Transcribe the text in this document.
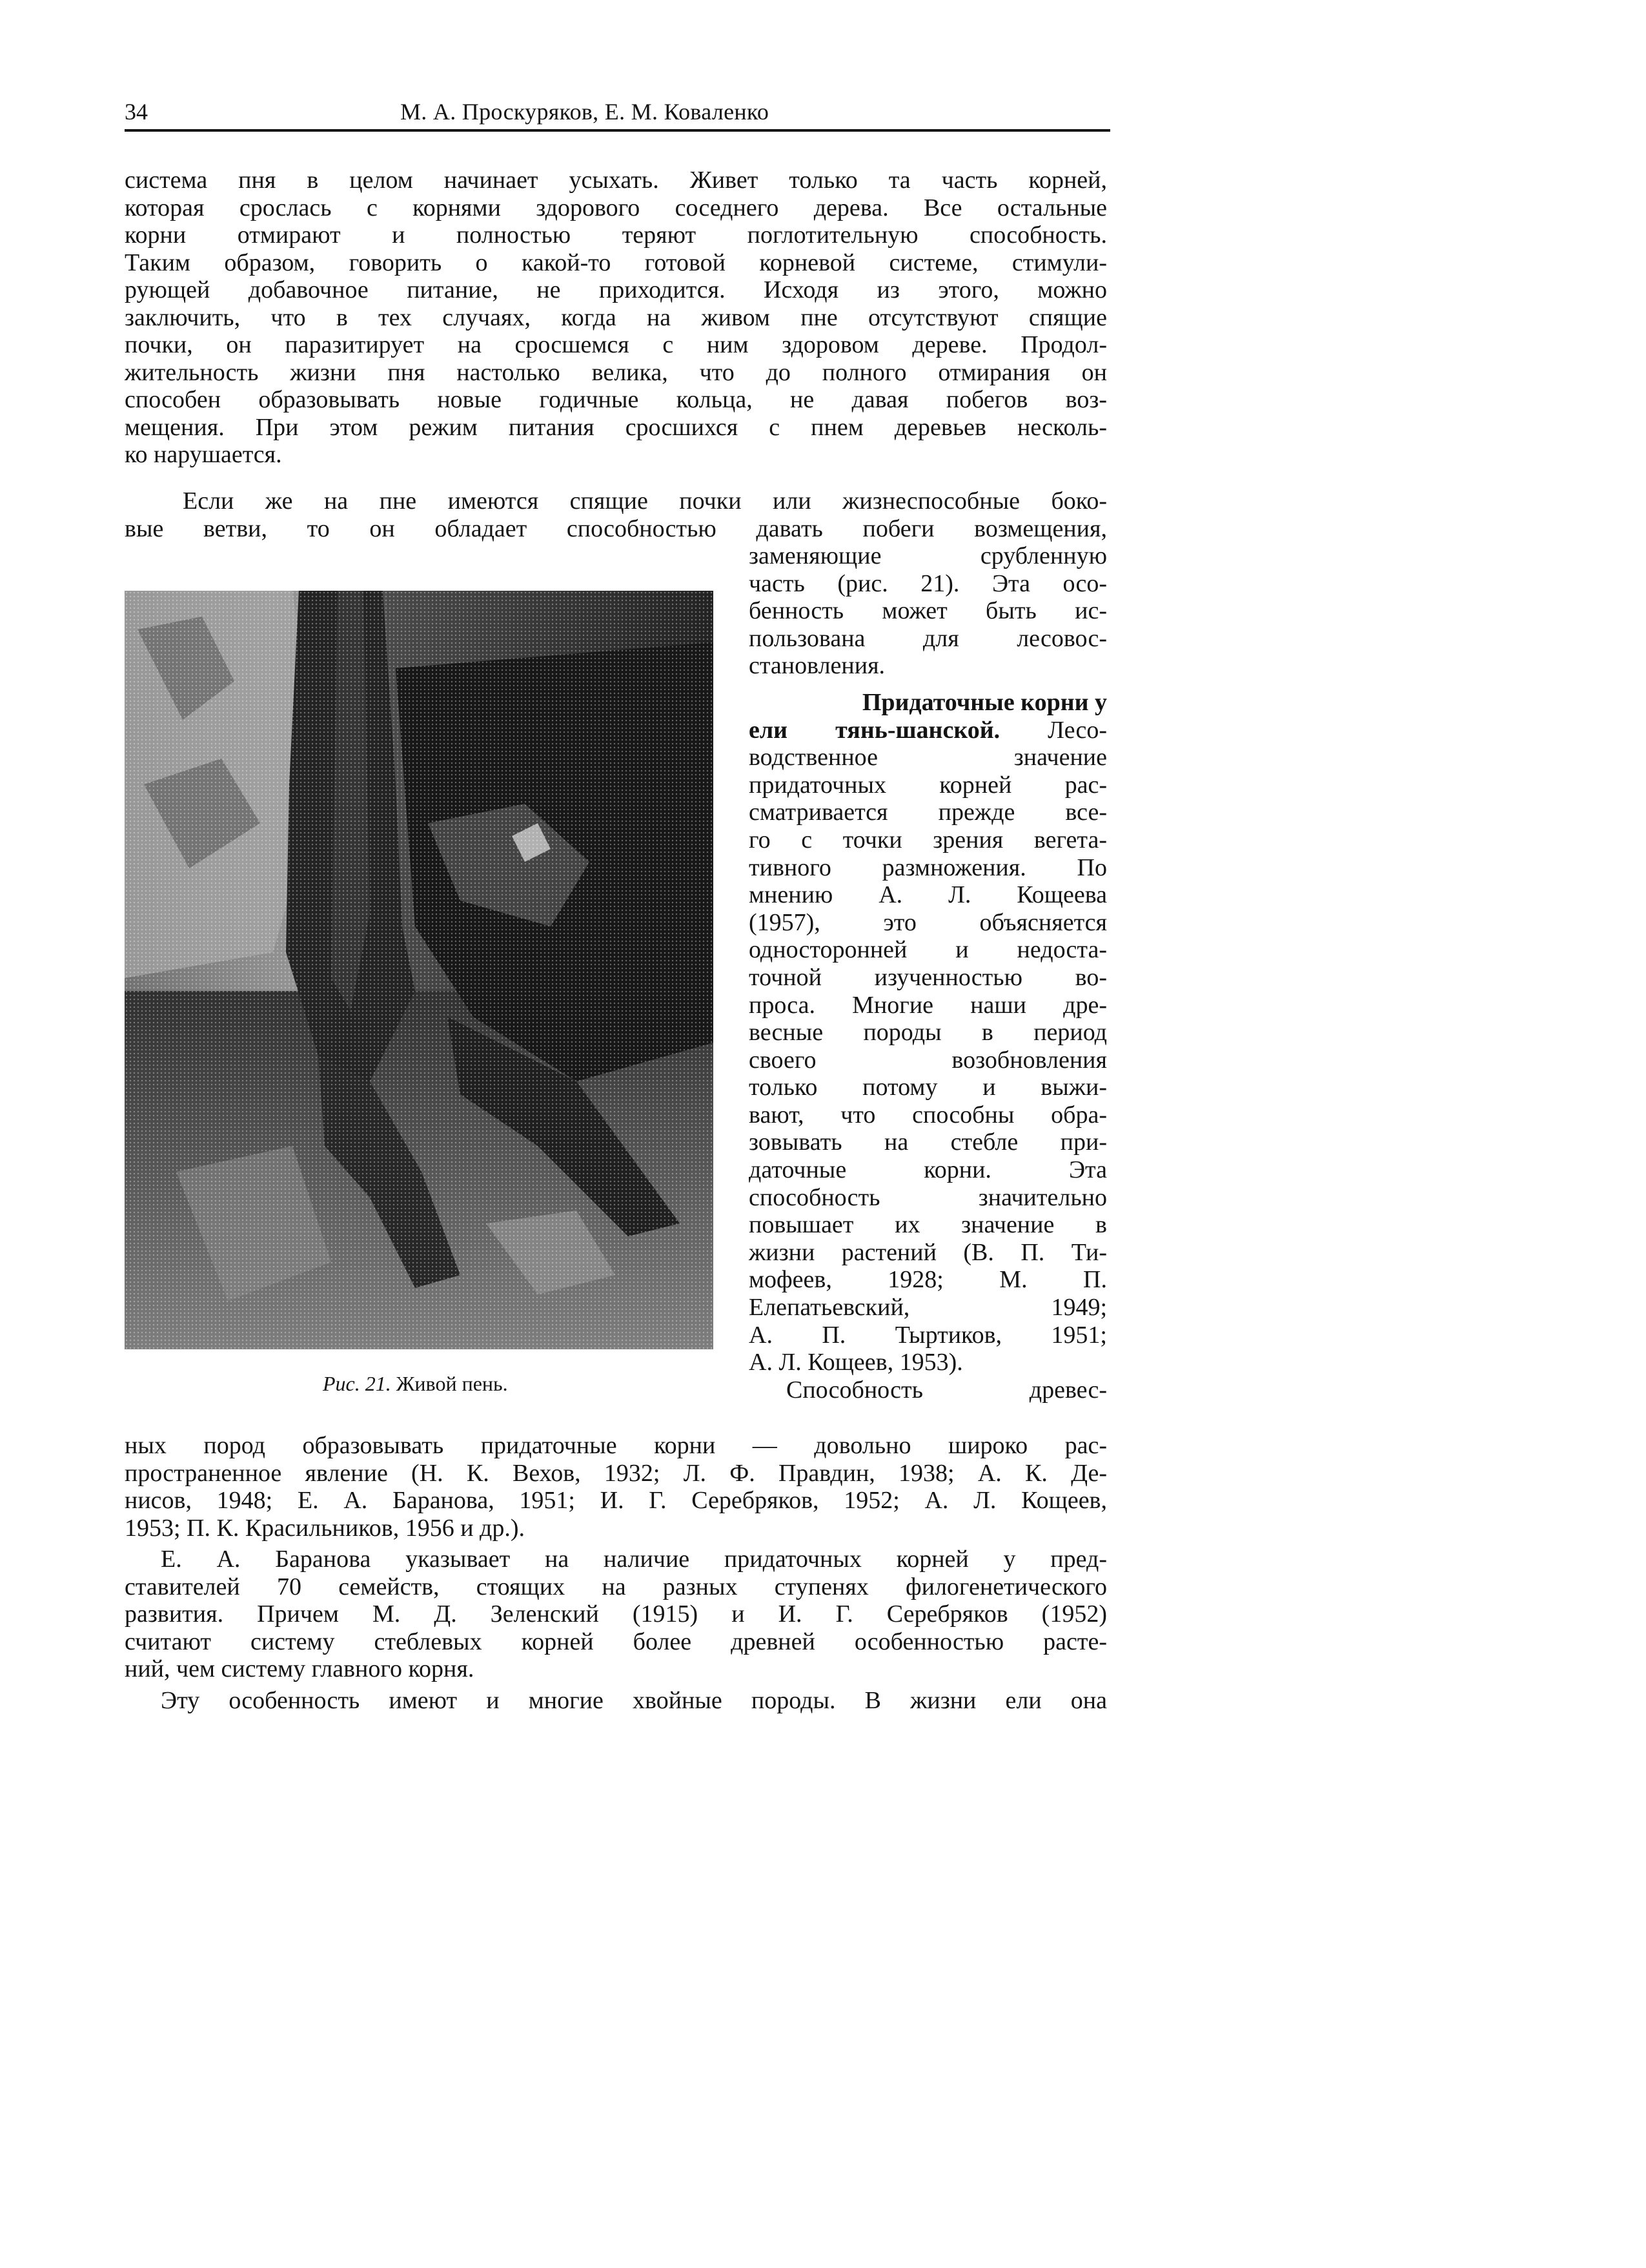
34	М. А. Проскуряков, Е. М. Коваленко
система пня в целом начинает усыхать. Живет только та часть корней,
которая срослась с корнями здорового соседнего дерева. Все остальные
корни отмирают и полностью теряют поглотительную способность.
Таким образом, говорить о какой-то готовой корневой системе, стимули-
рующей добавочное питание, не приходится. Исходя из этого, можно
заключить, что в тех случаях, когда на живом пне отсутствуют спящие
почки, он паразитирует на сросшемся с ним здоровом дереве. Продол-
жительность жизни пня настолько велика, что до полного отмирания он
способен образовывать новые годичные кольца, не давая побегов воз-
мещения. При этом режим питания сросшихся с пнем деревьев несколь-
ко нарушается.
Если же на пне имеются спящие почки или жизнеспособные боко-
вые ветви, то он обладает способностью давать побеги возмещения,
заменяющие срубленную
часть (рис. 21). Эта осо-
бенность может быть ис-
пользована для лесовос-
становления.
Придаточные корни у
ели тянь-шанской. Лесо-
водственное значение
придаточных корней рас-
сматривается прежде все-
го с точки зрения вегета-
тивного размножения. По
мнению А. Л. Кощеева
(1957), это объясняется
односторонней и недоста-
точной изученностью во-
проса. Многие наши дре-
весные породы в период
своего возобновления
только потому и выжи-
вают, что способны обра-
зовывать на стебле при-
даточные корни. Эта
способность значительно
повышает их значение в
жизни растений (В. П. Ти-
мофеев, 1928; М. П.
Елепатьевский, 1949;
А. П. Тыртиков, 1951;
А. Л. Кощеев, 1953).
Способность древес-
Рис. 21. Живой пень.
ных пород образовывать придаточные корни — довольно широко рас-
пространенное явление (Н. К. Вехов, 1932; Л. Ф. Правдин, 1938; А. К. Де-
нисов, 1948; Е. А. Баранова, 1951; И. Г. Серебряков, 1952; А. Л. Кощеев,
1953; П. К. Красильников, 1956 и др.).
Е. А. Баранова указывает на наличие придаточных корней у пред-
ставителей 70 семейств, стоящих на разных ступенях филогенетического
развития. Причем М. Д. Зеленский (1915) и И. Г. Серебряков (1952)
считают систему стеблевых корней более древней особенностью расте-
ний, чем систему главного корня.
Эту особенность имеют и многие хвойные породы. В жизни ели она
